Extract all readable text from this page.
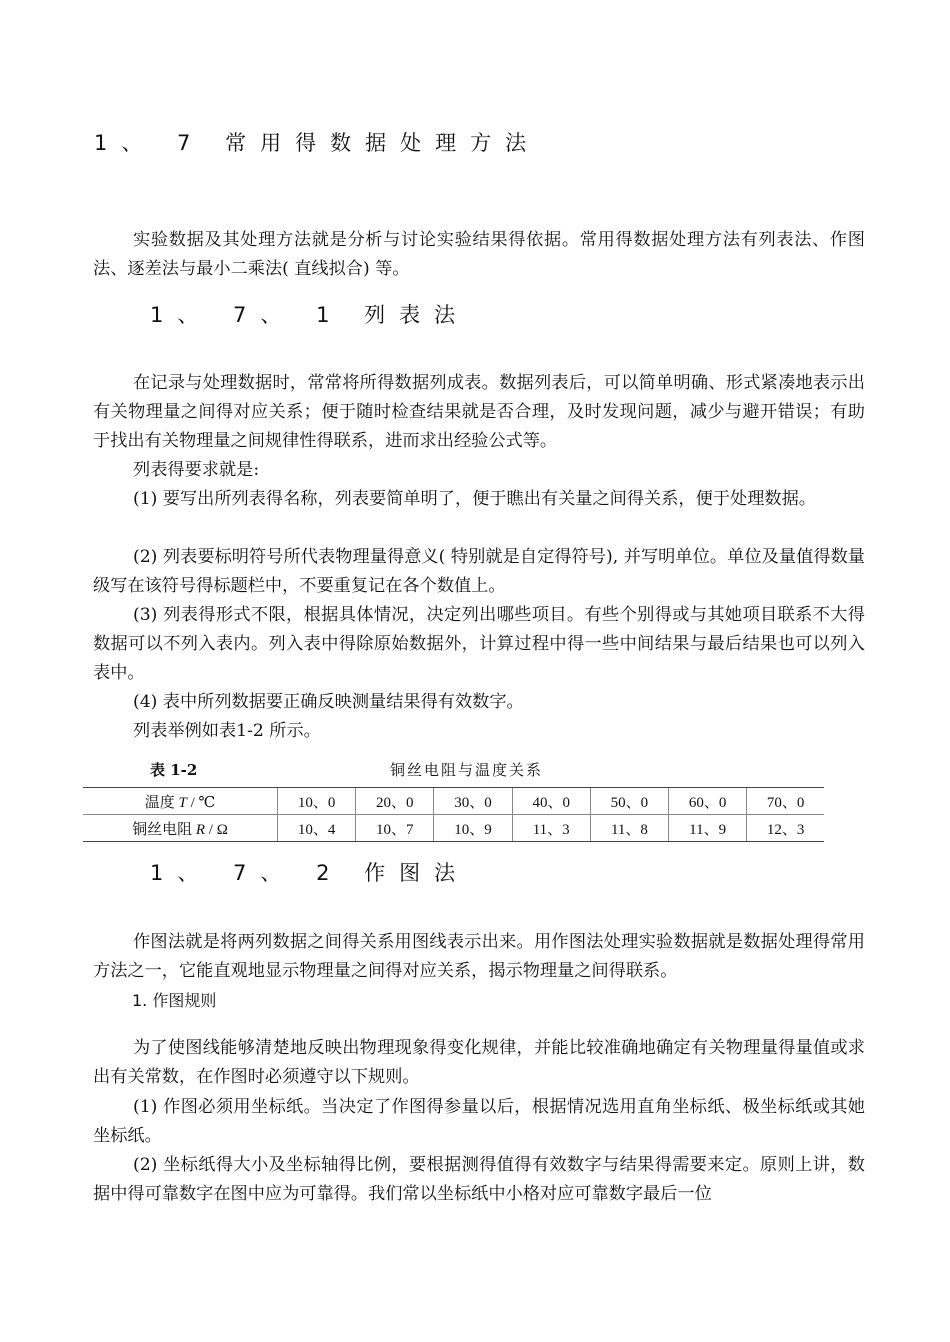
1、 7 常用得数据处理方法
实验数据及其处理方法就是分析与讨论实验结果得依据。常用得数据处理方法有列表法、作图法、逐差法与最小二乘法( 直线拟合) 等。
1、 7、 1 列表法
在记录与处理数据时，常常将所得数据列成表。数据列表后，可以简单明确、形式紧凑地表示出有关物理量之间得对应关系；便于随时检查结果就是否合理，及时发现问题，减少与避开错误；有助于找出有关物理量之间规律性得联系，进而求出经验公式等。
列表得要求就是:
(1) 要写出所列表得名称，列表要简单明了，便于瞧出有关量之间得关系，便于处理数据。
(2) 列表要标明符号所代表物理量得意义( 特别就是自定得符号), 并写明单位。单位及量值得数量级写在该符号得标题栏中，不要重复记在各个数值上。
(3) 列表得形式不限，根据具体情况，决定列出哪些项目。有些个别得或与其她项目联系不大得数据可以不列入表内。列入表中得除原始数据外，计算过程中得一些中间结果与最后结果也可以列入表中。
(4) 表中所列数据要正确反映测量结果得有效数字。
列表举例如表1-2 所示。
表 1-2	铜丝电阻与温度关系
温度 T / ℃	10、0	20、0	30、0	40、0	50、0	60、0	70、0
铜丝电阻 R / Ω	10、4	10、7	10、9	11、3	11、8	11、9	12、3
1、 7、 2 作图法
作图法就是将两列数据之间得关系用图线表示出来。用作图法处理实验数据就是数据处理得常用方法之一，它能直观地显示物理量之间得对应关系，揭示物理量之间得联系。
1. 作图规则
为了使图线能够清楚地反映出物理现象得变化规律，并能比较准确地确定有关物理量得量值或求出有关常数，在作图时必须遵守以下规则。
(1) 作图必须用坐标纸。当决定了作图得参量以后，根据情况选用直角坐标纸、极坐标纸或其她坐标纸。
(2) 坐标纸得大小及坐标轴得比例，要根据测得值得有效数字与结果得需要来定。原则上讲，数据中得可靠数字在图中应为可靠得。我们常以坐标纸中小格对应可靠数字最后一位
